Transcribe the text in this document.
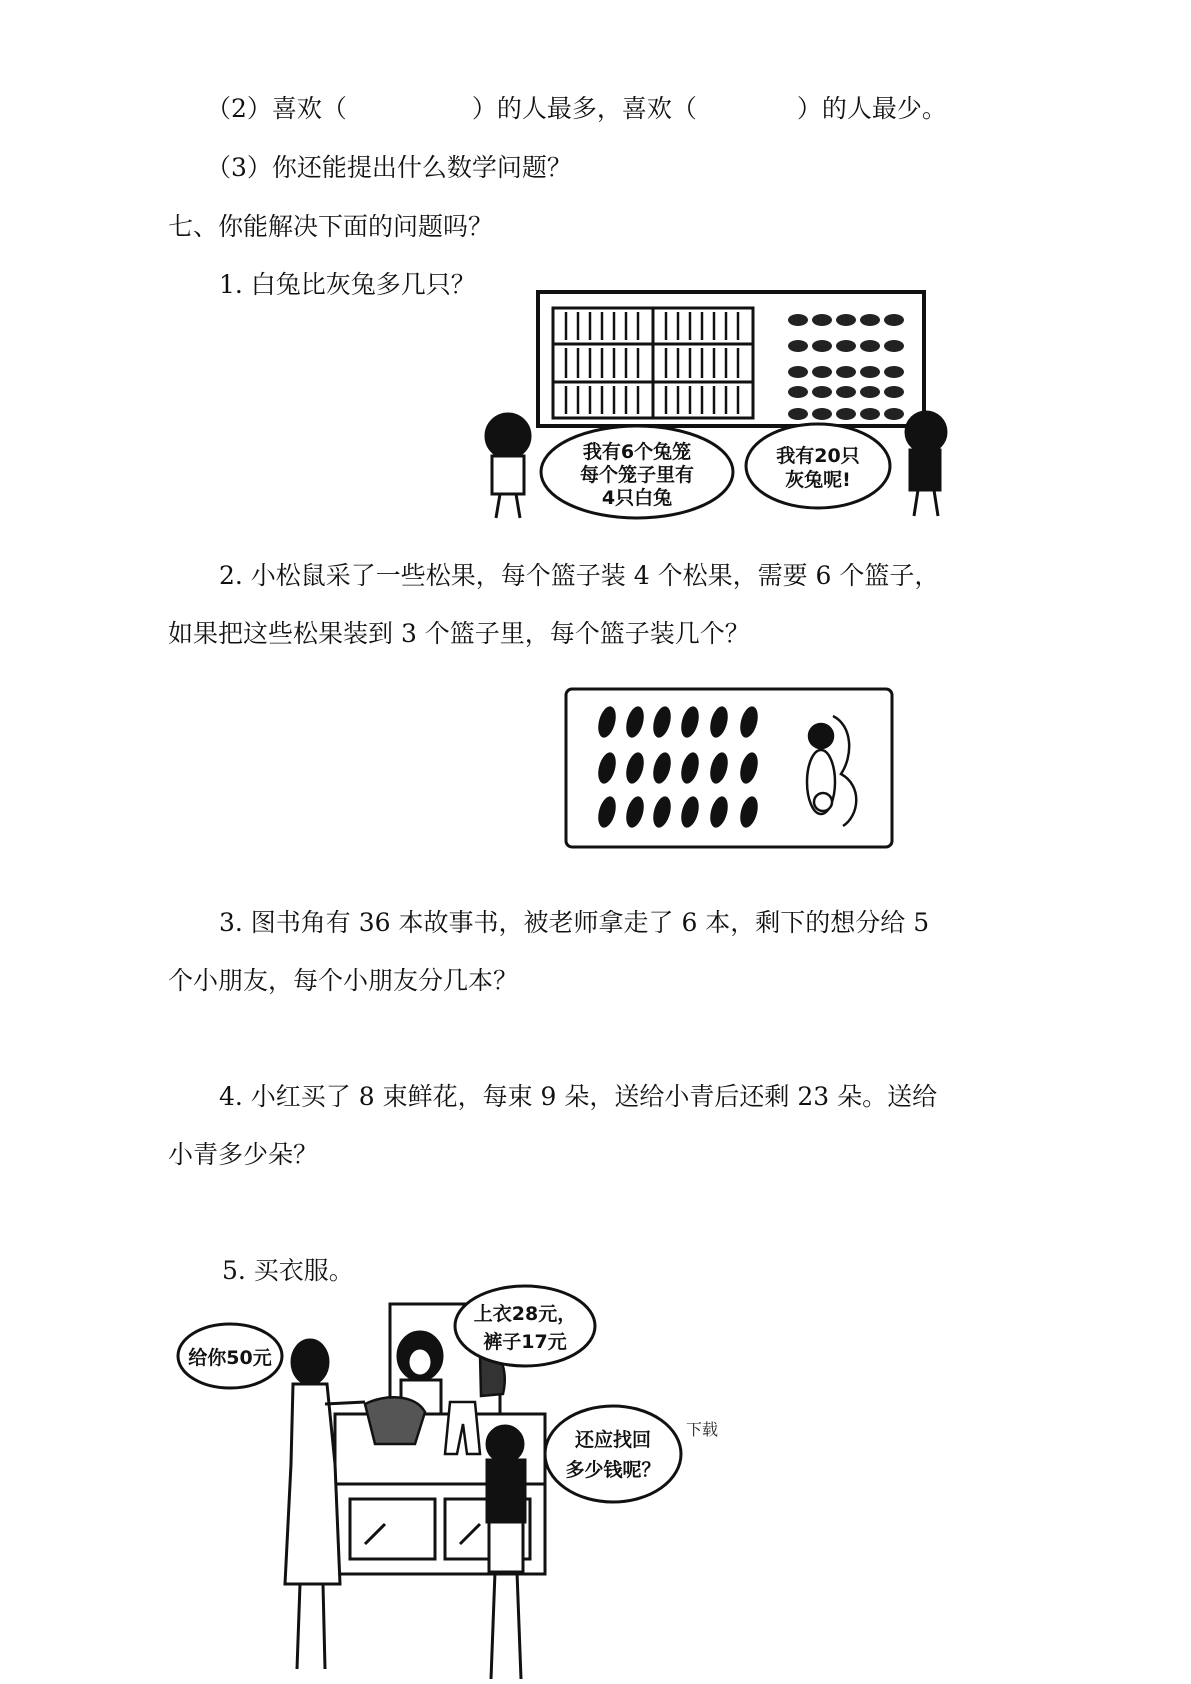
（2）喜欢（　　　　　）的人最多，喜欢（　　　　）的人最少。
（3）你还能提出什么数学问题？
七、你能解决下面的问题吗？
1. 白兔比灰兔多几只？
我有6个兔笼
每个笼子里有
4只白兔
我有20只
灰兔呢!
2. 小松鼠采了一些松果，每个篮子装 4 个松果，需要 6 个篮子，
如果把这些松果装到 3 个篮子里，每个篮子装几个？
3. 图书角有 36 本故事书，被老师拿走了 6 本，剩下的想分给 5
个小朋友，每个小朋友分几本？
4. 小红买了 8 束鲜花，每束 9 朵，送给小青后还剩 23 朵。送给
小青多少朵？
5. 买衣服。
给你50元
上衣28元，
裤子17元
还应找回
多少钱呢？
下载
